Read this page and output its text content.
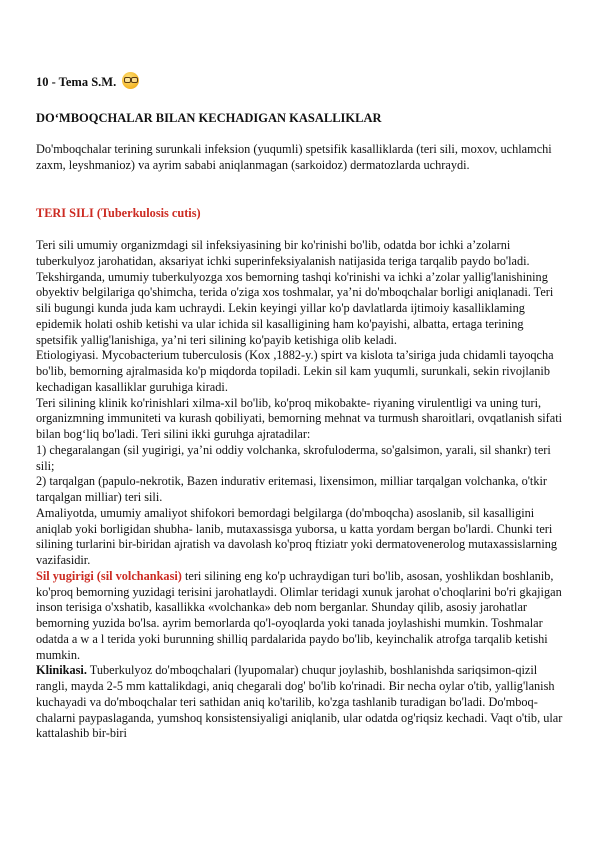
10 - Tema S.M.
DO‘MBOQCHALAR BILAN KECHADIGAN KASALLIKLAR
Do'mboqchalar terining surunkali infeksion (yuqumli) spetsifik kasalliklarda (teri sili, moxov, uchlamchi zaxm, leyshmanioz) va ayrim sababi aniqlanmagan (sarkoidoz) dermatozlarda uchraydi.
TERI SILI (Tuberkulosis cutis)

Teri sili umumiy organizmdagi sil infeksiyasining bir ko'rinishi bo'lib, odatda bor ichki a’zolarni tuberkulyoz jarohatidan, aksariyat ichki superinfeksiyalanish natijasida teriga tarqalib paydo bo'ladi. Tekshirganda, umumiy tuberkulyozga xos bemorning tashqi ko'rinishi va ichki a’zolar yallig'lanishining obyektiv belgilariga qo'shimcha, terida o'ziga xos toshmalar, ya’ni do'mboqchalar borligi aniqlanadi. Teri sili bugungi kunda juda kam uchraydi. Lekin keyingi yillar ko'p davlatlarda ijtimoiy kasalliklaming epidemik holati oshib ketishi va ular ichida sil kasalligining ham ko'payishi, albatta, ertaga terining spetsifik yallig'lanishiga, ya’ni teri silining ko'payib ketishiga olib keladi.

Etiologiyasi. Mycobacterium tuberculosis (Kox ,1882-y.) spirt va kislota ta’siriga juda chidamli tayoqcha bo'lib, bemorning ajralmasida ko'p miqdorda topiladi. Lekin sil kam yuqumli, surunkali, sekin rivojlanib kechadigan kasalliklar guruhiga kiradi.

Teri silining klinik ko'rinishlari xilma-xil bo'lib, ko'proq mikobakte- riyaning virulentligi va uning turi, organizmning immuniteti va kurash qobiliyati, bemorning mehnat va turmush sharoitlari, ovqatlanish sifati bilan bog‘liq bo'ladi. Teri silini ikki guruhga ajratadilar:

1) chegaralangan (sil yugirigi, ya’ni oddiy volchanka, skrofuloderma, so'galsimon, yarali, sil shankr) teri sili;

2) tarqalgan (papulo-nekrotik, Bazen indurativ eritemasi, lixensimon, milliar tarqalgan volchanka, o'tkir tarqalgan milliar) teri sili.

Amaliyotda, umumiy amaliyot shifokori bemordagi belgilarga (do'mboqcha) asoslanib, sil kasalligini aniqlab yoki borligidan shubha- lanib, mutaxassisga yuborsa, u katta yordam bergan bo'lardi. Chunki teri silining turlarini bir-biridan ajratish va davolash ko'proq ftiziatr yoki dermatovenerolog mutaxassislarning vazifasidir.

Sil yugirigi (sil volchankasi) teri silining eng ko'p uchraydigan turi bo'lib, asosan, yoshlikdan boshlanib, ko'proq bemorning yuzidagi terisini jarohatlaydi. Olimlar teridagi xunuk jarohat o'choqlarini bo'ri gkajigan inson terisiga o'xshatib, kasallikka «volchanka» deb nom berganlar. Shunday qilib, asosiy jarohatlar bemorning yuzida bo'lsa. ayrim bemorlarda qo'l-oyoqlarda yoki tanada joylashishi mumkin. Toshmalar odatda a w a l terida yoki burunning shilliq pardalarida paydo bo'lib, keyinchalik atrofga tarqalib ketishi mumkin.

Klinikasi. Tuberkulyoz do'mboqchalari (lyupomalar) chuqur joylashib, boshlanishda sariqsimon-qizil rangli, mayda 2-5 mm kattalikdagi, aniq chegarali dog' bo'lib ko'rinadi. Bir necha oylar o'tib, yallig'lanish kuchayadi va do'mboqchalar teri sathidan aniq ko'tarilib, ko'zga tashlanib turadigan bo'ladi. Do'mboq- chalarni paypaslaganda, yumshoq konsistensiyaligi aniqlanib, ular odatda og'riqsiz kechadi. Vaqt o'tib, ular kattalashib bir-biri
